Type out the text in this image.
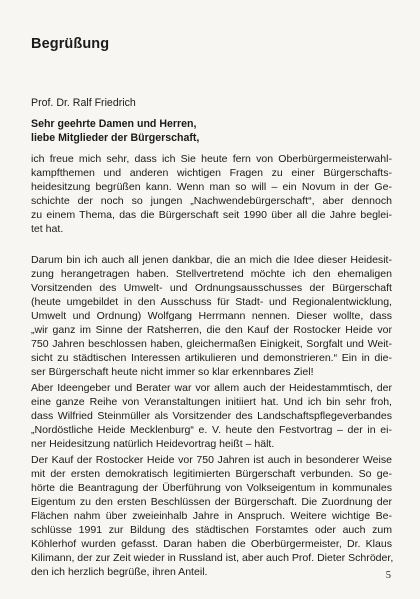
Begrüßung
Prof. Dr. Ralf Friedrich
Sehr geehrte Damen und Herren,
liebe Mitglieder der Bürgerschaft,
ich freue mich sehr, dass ich Sie heute fern von Oberbürgermeisterwahl-
kampfthemen und anderen wichtigen Fragen zu einer Bürgerschafts-
heidesitzung begrüßen kann. Wenn man so will – ein Novum in der Ge-
schichte der noch so jungen „Nachwendebürgerschaft“, aber dennoch
zu einem Thema, das die Bürgerschaft seit 1990 über all die Jahre beglei-
tet hat.
Darum bin ich auch all jenen dankbar, die an mich die Idee dieser Heidesit-
zung herangetragen haben. Stellvertretend möchte ich den ehemaligen
Vorsitzenden des Umwelt- und Ordnungsausschusses der Bürgerschaft
(heute umgebildet in den Ausschuss für Stadt- und Regionalentwicklung,
Umwelt und Ordnung) Wolfgang Herrmann nennen. Dieser wollte, dass
„wir ganz im Sinne der Ratsherren, die den Kauf der Rostocker Heide vor
750 Jahren beschlossen haben, gleichermaßen Einigkeit, Sorgfalt und Weit-
sicht zu städtischen Interessen artikulieren und demonstrieren.“ Ein in die-
ser Bürgerschaft heute nicht immer so klar erkennbares Ziel!
Aber Ideengeber und Berater war vor allem auch der Heidestammtisch, der
eine ganze Reihe von Veranstaltungen initiiert hat. Und ich bin sehr froh,
dass Wilfried Steinmüller als Vorsitzender des Landschaftspflegeverbandes
„Nordöstliche Heide Mecklenburg“ e. V. heute den Festvortrag – der in ei-
ner Heidesitzung natürlich Heidevortrag heißt – hält.
Der Kauf der Rostocker Heide vor 750 Jahren ist auch in besonderer Weise
mit der ersten demokratisch legitimierten Bürgerschaft verbunden. So ge-
hörte die Beantragung der Überführung von Volkseigentum in kommunales
Eigentum zu den ersten Beschlüssen der Bürgerschaft. Die Zuordnung der
Flächen nahm über zweieinhalb Jahre in Anspruch. Weitere wichtige Be-
schlüsse 1991 zur Bildung des städtischen Forstamtes oder auch zum
Köhlerhof wurden gefasst. Daran haben die Oberbürgermeister, Dr. Klaus
Kilimann, der zur Zeit wieder in Russland ist, aber auch Prof. Dieter Schröder,
den ich herzlich begrüße, ihren Anteil.	5
